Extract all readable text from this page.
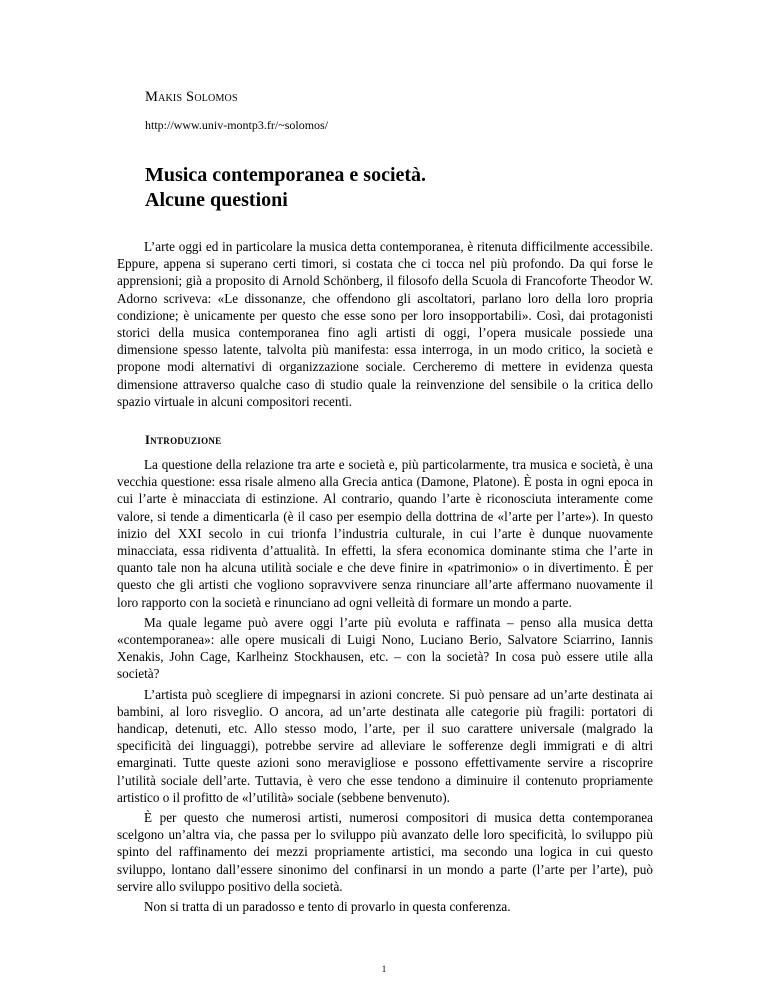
Makis Solomos
http://www.univ-montp3.fr/~solomos/
Musica contemporanea e società.
Alcune questioni

L’arte oggi ed in particolare la musica detta contemporanea, è ritenuta difficilmente accessibile. Eppure, appena si superano certi timori, si costata che ci tocca nel più profondo. Da qui forse le apprensioni; già a proposito di Arnold Schönberg, il filosofo della Scuola di Francoforte Theodor W. Adorno scriveva: «Le dissonanze, che offendono gli ascoltatori, parlano loro della loro propria condizione; è unicamente per questo che esse sono per loro insopportabili». Così, dai protagonisti storici della musica contemporanea fino agli artisti di oggi, l’opera musicale possiede una dimensione spesso latente, talvolta più manifesta: essa interroga, in un modo critico, la società e propone modi alternativi di organizzazione sociale. Cercheremo di mettere in evidenza questa dimensione attraverso qualche caso di studio quale la reinvenzione del sensibile o la critica dello spazio virtuale in alcuni compositori recenti.

Introduzione

La questione della relazione tra arte e società e, più particolarmente, tra musica e società, è una vecchia questione: essa risale almeno alla Grecia antica (Damone, Platone). È posta in ogni epoca in cui l’arte è minacciata di estinzione. Al contrario, quando l’arte è riconosciuta interamente come valore, si tende a dimenticarla (è il caso per esempio della dottrina de «l’arte per l’arte»). In questo inizio del XXI secolo in cui trionfa l’industria culturale, in cui l’arte è dunque nuovamente minacciata, essa ridiventa d’attualità. In effetti, la sfera economica dominante stima che l’arte in quanto tale non ha alcuna utilità sociale e che deve finire in «patrimonio» o in divertimento. È per questo che gli artisti che vogliono sopravvivere senza rinunciare all’arte affermano nuovamente il loro rapporto con la società e rinunciano ad ogni velleità di formare un mondo a parte.

Ma quale legame può avere oggi l’arte più evoluta e raffinata – penso alla musica detta «contemporanea»: alle opere musicali di Luigi Nono, Luciano Berio, Salvatore Sciarrino, Iannis Xenakis, John Cage, Karlheinz Stockhausen, etc. – con la società? In cosa può essere utile alla società?

L’artista può scegliere di impegnarsi in azioni concrete. Si può pensare ad un’arte destinata ai bambini, al loro risveglio. O ancora, ad un’arte destinata alle categorie più fragili: portatori di handicap, detenuti, etc. Allo stesso modo, l’arte, per il suo carattere universale (malgrado la specificità dei linguaggi), potrebbe servire ad alleviare le sofferenze degli immigrati e di altri emarginati. Tutte queste azioni sono meravigliose e possono effettivamente servire a riscoprire l’utilità sociale dell’arte. Tuttavia, è vero che esse tendono a diminuire il contenuto propriamente artistico o il profitto de «l’utilità» sociale (sebbene benvenuto).

È per questo che numerosi artisti, numerosi compositori di musica detta contemporanea scelgono un’altra via, che passa per lo sviluppo più avanzato delle loro specificità, lo sviluppo più spinto del raffinamento dei mezzi propriamente artistici, ma secondo una logica in cui questo sviluppo, lontano dall’essere sinonimo del confinarsi in un mondo a parte (l’arte per l’arte), può servire allo sviluppo positivo della società.

Non si tratta di un paradosso e tento di provarlo in questa conferenza.

1
